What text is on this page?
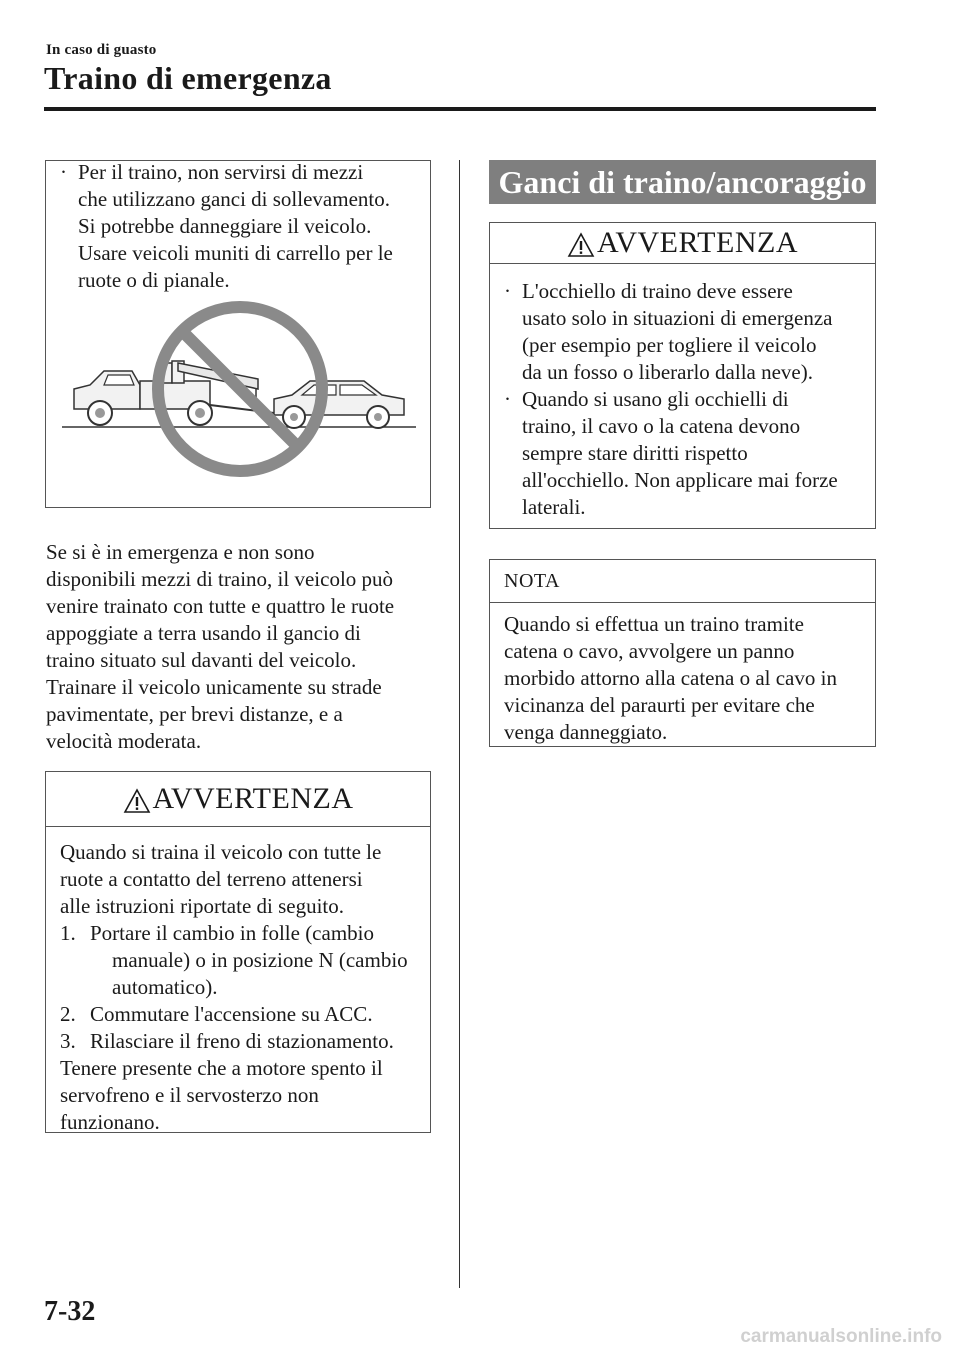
In caso di guasto
Traino di emergenza
· Per il traino, non servirsi di mezzi
che utilizzano ganci di sollevamento.
Si potrebbe danneggiare il veicolo.
Usare veicoli muniti di carrello per le
ruote o di pianale.
Se si è in emergenza e non sono
disponibili mezzi di traino, il veicolo può
venire trainato con tutte e quattro le ruote
appoggiate a terra usando il gancio di
traino situato sul davanti del veicolo.
Trainare il veicolo unicamente su strade
pavimentate, per brevi distanze, e a
velocità moderata.
AVVERTENZA
Quando si traina il veicolo con tutte le
ruote a contatto del terreno attenersi
alle istruzioni riportate di seguito.
1. Portare il cambio in folle (cambio
manuale) o in posizione N (cambio
automatico).
2. Commutare l'accensione su ACC.
3. Rilasciare il freno di stazionamento.
Tenere presente che a motore spento il
servofreno e il servosterzo non
funzionano.
Ganci di traino/ancoraggio
AVVERTENZA
· L'occhiello di traino deve essere
usato solo in situazioni di emergenza
(per esempio per togliere il veicolo
da un fosso o liberarlo dalla neve).
· Quando si usano gli occhielli di
traino, il cavo o la catena devono
sempre stare diritti rispetto
all'occhiello. Non applicare mai forze
laterali.
NOTA
Quando si effettua un traino tramite
catena o cavo, avvolgere un panno
morbido attorno alla catena o al cavo in
vicinanza del paraurti per evitare che
venga danneggiato.
7-32
carmanualsonline.info
